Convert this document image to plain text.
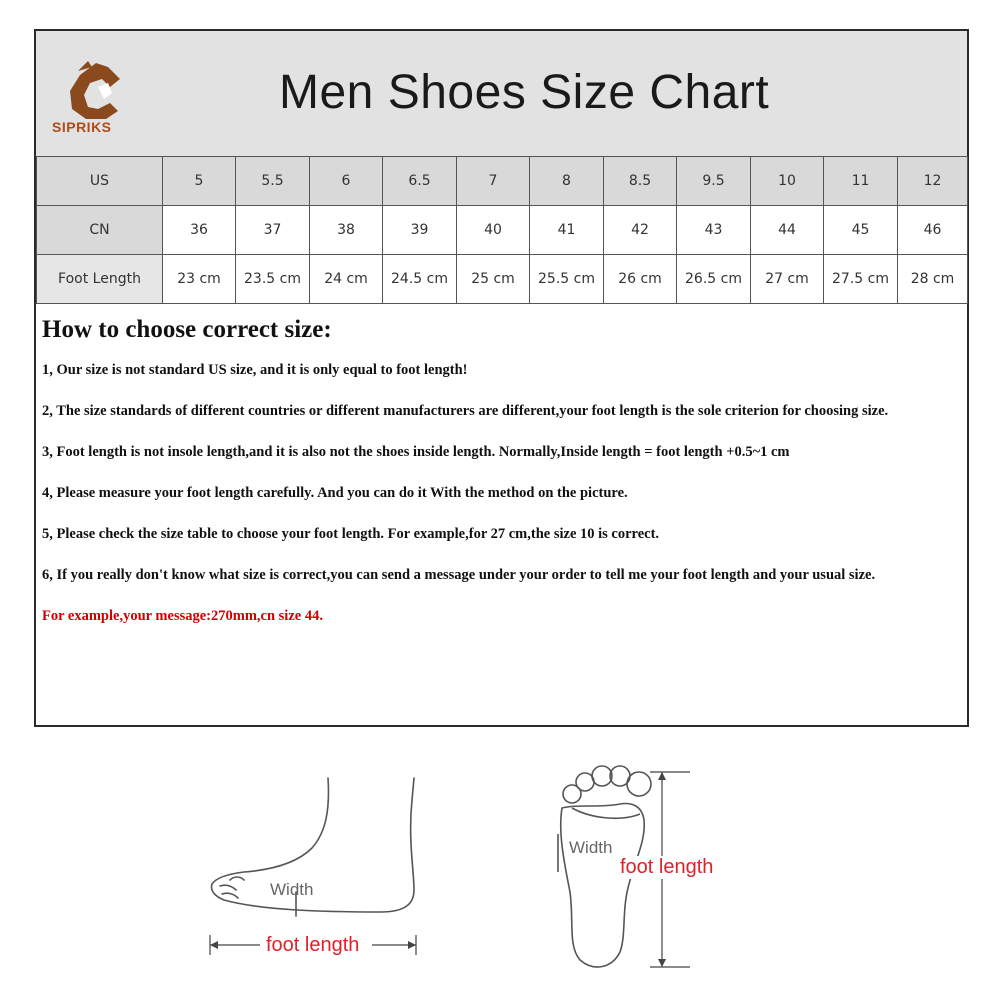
SIPRIKS
Men Shoes Size Chart
US	5	5.5	6	6.5	7	8	8.5	9.5	10	11	12
CN	36	37	38	39	40	41	42	43	44	45	46
Foot Length	23 cm	23.5 cm	24 cm	24.5 cm	25 cm	25.5 cm	26 cm	26.5 cm	27 cm	27.5 cm	28 cm
How to choose correct size:

1, Our size is not standard US size, and it is only equal to foot length!

2, The size standards of different countries or different manufacturers are different,your foot length is the sole criterion for choosing size.

3, Foot length is not insole length,and it is also not the shoes inside length. Normally,Inside length = foot length +0.5~1 cm

4, Please measure your foot length carefully. And you can do it With the method on the picture.

5, Please check the size table to choose your foot length. For example,for 27 cm,the size 10 is correct.

6, If you really don't know what size is correct,you can send a message under your order to tell me your foot length and your usual size.

For example,your message:270mm,cn size 44.

Width
foot length
Width
foot length
